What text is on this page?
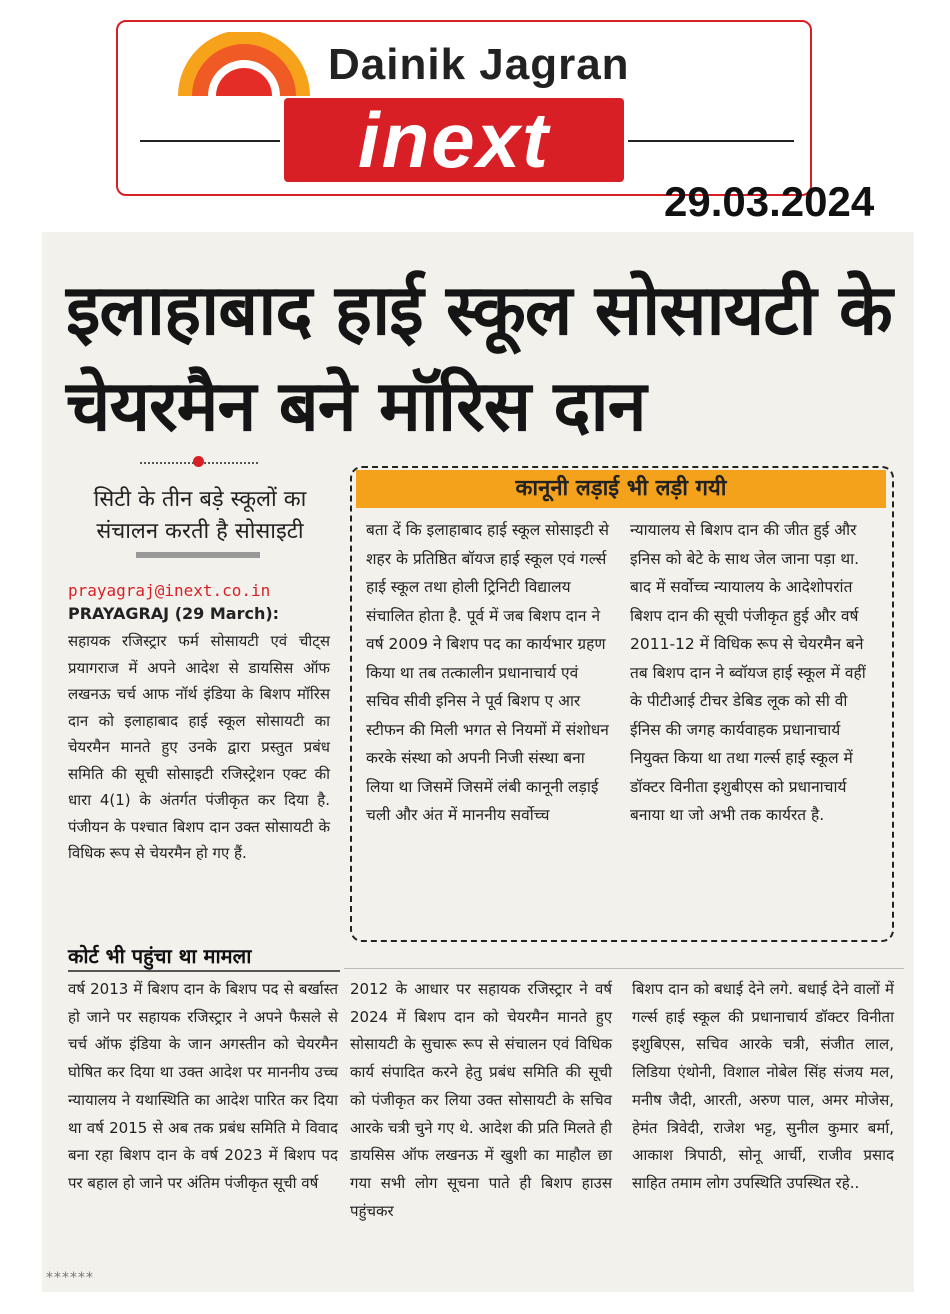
Dainik Jagran
inext
29.03.2024
इलाहाबाद हाई स्कूल सोसायटी के चेयरमैन बने मॉरिस दान
सिटी के तीन बड़े स्कूलों का संचालन करती है सोसाइटी
prayagraj@inext.co.in
PRAYAGRAJ (29 March):
सहायक रजिस्ट्रार फर्म सोसायटी एवं चीट्स प्रयागराज में अपने आदेश से डायसिस ऑफ लखनऊ चर्च आफ नॉर्थ इंडिया के बिशप मॉरिस दान को इलाहाबाद हाई स्कूल सोसायटी का चेयरमैन मानते हुए उनके द्वारा प्रस्तुत प्रबंध समिति की सूची सोसाइटी रजिस्ट्रेशन एक्ट की धारा 4(1) के अंतर्गत पंजीकृत कर दिया है. पंजीयन के पश्चात बिशप दान उक्त सोसायटी के विधिक रूप से चेयरमैन हो गए हैं.
कानूनी लड़ाई भी लड़ी गयी
बता दें कि इलाहाबाद हाई स्कूल सोसाइटी से शहर के प्रतिष्ठित बॉयज हाई स्कूल एवं गर्ल्स हाई स्कूल तथा होली ट्रिनिटी विद्यालय संचालित होता है. पूर्व में जब बिशप दान ने वर्ष 2009 ने बिशप पद का कार्यभार ग्रहण किया था तब तत्कालीन प्रधानाचार्य एवं सचिव सीवी इनिस ने पूर्व बिशप ए आर स्टीफन की मिली भगत से नियमों में संशोधन करके संस्था को अपनी निजी संस्था बना लिया था जिसमें जिसमें लंबी कानूनी लड़ाई चली और अंत में माननीय सर्वोच्च
न्यायालय से बिशप दान की जीत हुई और इनिस को बेटे के साथ जेल जाना पड़ा था. बाद में सर्वोच्च न्यायालय के आदेशोपरांत बिशप दान की सूची पंजीकृत हुई और वर्ष 2011-12 में विधिक रूप से चेयरमैन बने तब बिशप दान ने ब्वॉयज हाई स्कूल में वहीं के पीटीआई टीचर डेबिड लूक को सी वी ईनिस की जगह कार्यवाहक प्रधानाचार्य नियुक्त किया था तथा गर्ल्स हाई स्कूल में डॉक्टर विनीता इशुबीएस को प्रधानाचार्य बनाया था जो अभी तक कार्यरत है.
कोर्ट भी पहुंचा था मामला
वर्ष 2013 में बिशप दान के बिशप पद से बर्खास्त हो जाने पर सहायक रजिस्ट्रार ने अपने फैसले से चर्च ऑफ इंडिया के जान अगस्तीन को चेयरमैन घोषित कर दिया था उक्त आदेश पर माननीय उच्च न्यायालय ने यथास्थिति का आदेश पारित कर दिया था वर्ष 2015 से अब तक प्रबंध समिति मे विवाद बना रहा बिशप दान के वर्ष 2023 में बिशप पद पर बहाल हो जाने पर अंतिम पंजीकृत सूची वर्ष
2012 के आधार पर सहायक रजिस्ट्रार ने वर्ष 2024 में बिशप दान को चेयरमैन मानते हुए सोसायटी के सुचारू रूप से संचालन एवं विधिक कार्य संपादित करने हेतु प्रबंध समिति की सूची को पंजीकृत कर लिया उक्त सोसायटी के सचिव आरके चत्री चुने गए थे. आदेश की प्रति मिलते ही डायसिस ऑफ लखनऊ में खुशी का माहौल छा गया सभी लोग सूचना पाते ही बिशप हाउस पहुंचकर
बिशप दान को बधाई देने लगे. बधाई देने वालों में गर्ल्स हाई स्कूल की प्रधानाचार्य डॉक्टर विनीता इशुबिएस, सचिव आरके चत्री, संजीत लाल, लिडिया एंथोनी, विशाल नोबेल सिंह संजय मल, मनीष जैदी, आरती, अरुण पाल, अमर मोजेस, हेमंत त्रिवेदी, राजेश भट्ट, सुनील कुमार बर्मा, आकाश त्रिपाठी, सोनू आर्ची, राजीव प्रसाद साहित तमाम लोग उपस्थिति उपस्थित रहे..
******
